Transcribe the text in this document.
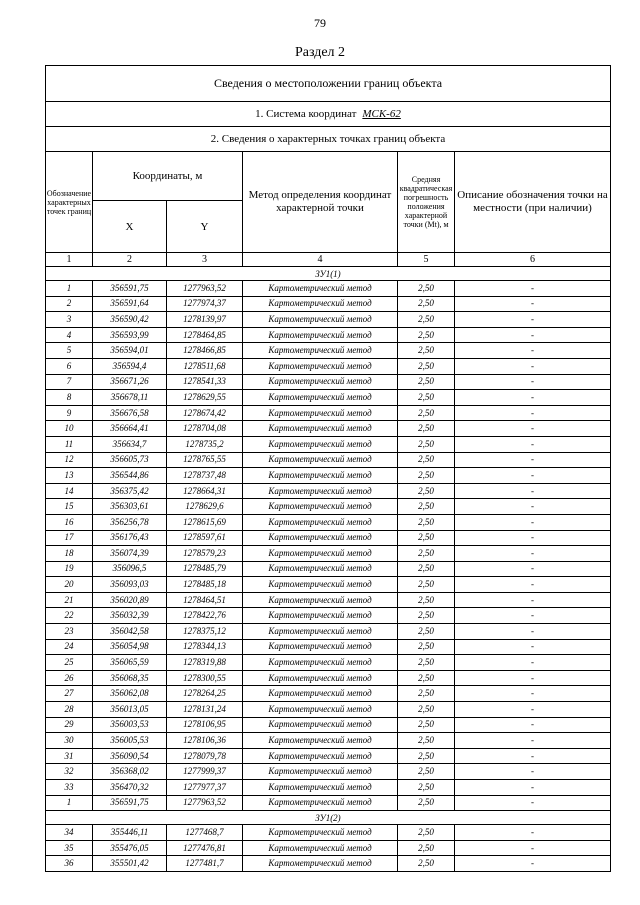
79
Раздел 2
Сведения о местоположении границ объекта					
1. Система координат МСК-62					
2. Сведения о характерных точках границ объекта					
Обозначение характерных точек границ	Координаты, м		Метод определения координат характерной точки	Средняя квадратическая погрешность положения характерной точки (Mt), м	Описание обозначения точки на местности (при наличии)
	X	Y			
1	2	3	4	5	6
ЗУ1(1)					
1	356591,75	1277963,52	Картометрический метод	2,50	-
2	356591,64	1277974,37	Картометрический метод	2,50	-
3	356590,42	1278139,97	Картометрический метод	2,50	-
4	356593,99	1278464,85	Картометрический метод	2,50	-
5	356594,01	1278466,85	Картометрический метод	2,50	-
6	356594,4	1278511,68	Картометрический метод	2,50	-
7	356671,26	1278541,33	Картометрический метод	2,50	-
8	356678,11	1278629,55	Картометрический метод	2,50	-
9	356676,58	1278674,42	Картометрический метод	2,50	-
10	356664,41	1278704,08	Картометрический метод	2,50	-
11	356634,7	1278735,2	Картометрический метод	2,50	-
12	356605,73	1278765,55	Картометрический метод	2,50	-
13	356544,86	1278737,48	Картометрический метод	2,50	-
14	356375,42	1278664,31	Картометрический метод	2,50	-
15	356303,61	1278629,6	Картометрический метод	2,50	-
16	356256,78	1278615,69	Картометрический метод	2,50	-
17	356176,43	1278597,61	Картометрический метод	2,50	-
18	356074,39	1278579,23	Картометрический метод	2,50	-
19	356096,5	1278485,79	Картометрический метод	2,50	-
20	356093,03	1278485,18	Картометрический метод	2,50	-
21	356020,89	1278464,51	Картометрический метод	2,50	-
22	356032,39	1278422,76	Картометрический метод	2,50	-
23	356042,58	1278375,12	Картометрический метод	2,50	-
24	356054,98	1278344,13	Картометрический метод	2,50	-
25	356065,59	1278319,88	Картометрический метод	2,50	-
26	356068,35	1278300,55	Картометрический метод	2,50	-
27	356062,08	1278264,25	Картометрический метод	2,50	-
28	356013,05	1278131,24	Картометрический метод	2,50	-
29	356003,53	1278106,95	Картометрический метод	2,50	-
30	356005,53	1278106,36	Картометрический метод	2,50	-
31	356090,54	1278079,78	Картометрический метод	2,50	-
32	356368,02	1277999,37	Картометрический метод	2,50	-
33	356470,32	1277977,37	Картометрический метод	2,50	-
1	356591,75	1277963,52	Картометрический метод	2,50	-
ЗУ1(2)					
34	355446,11	1277468,7	Картометрический метод	2,50	-
35	355476,05	1277476,81	Картометрический метод	2,50	-
36	355501,42	1277481,7	Картометрический метод	2,50	-
